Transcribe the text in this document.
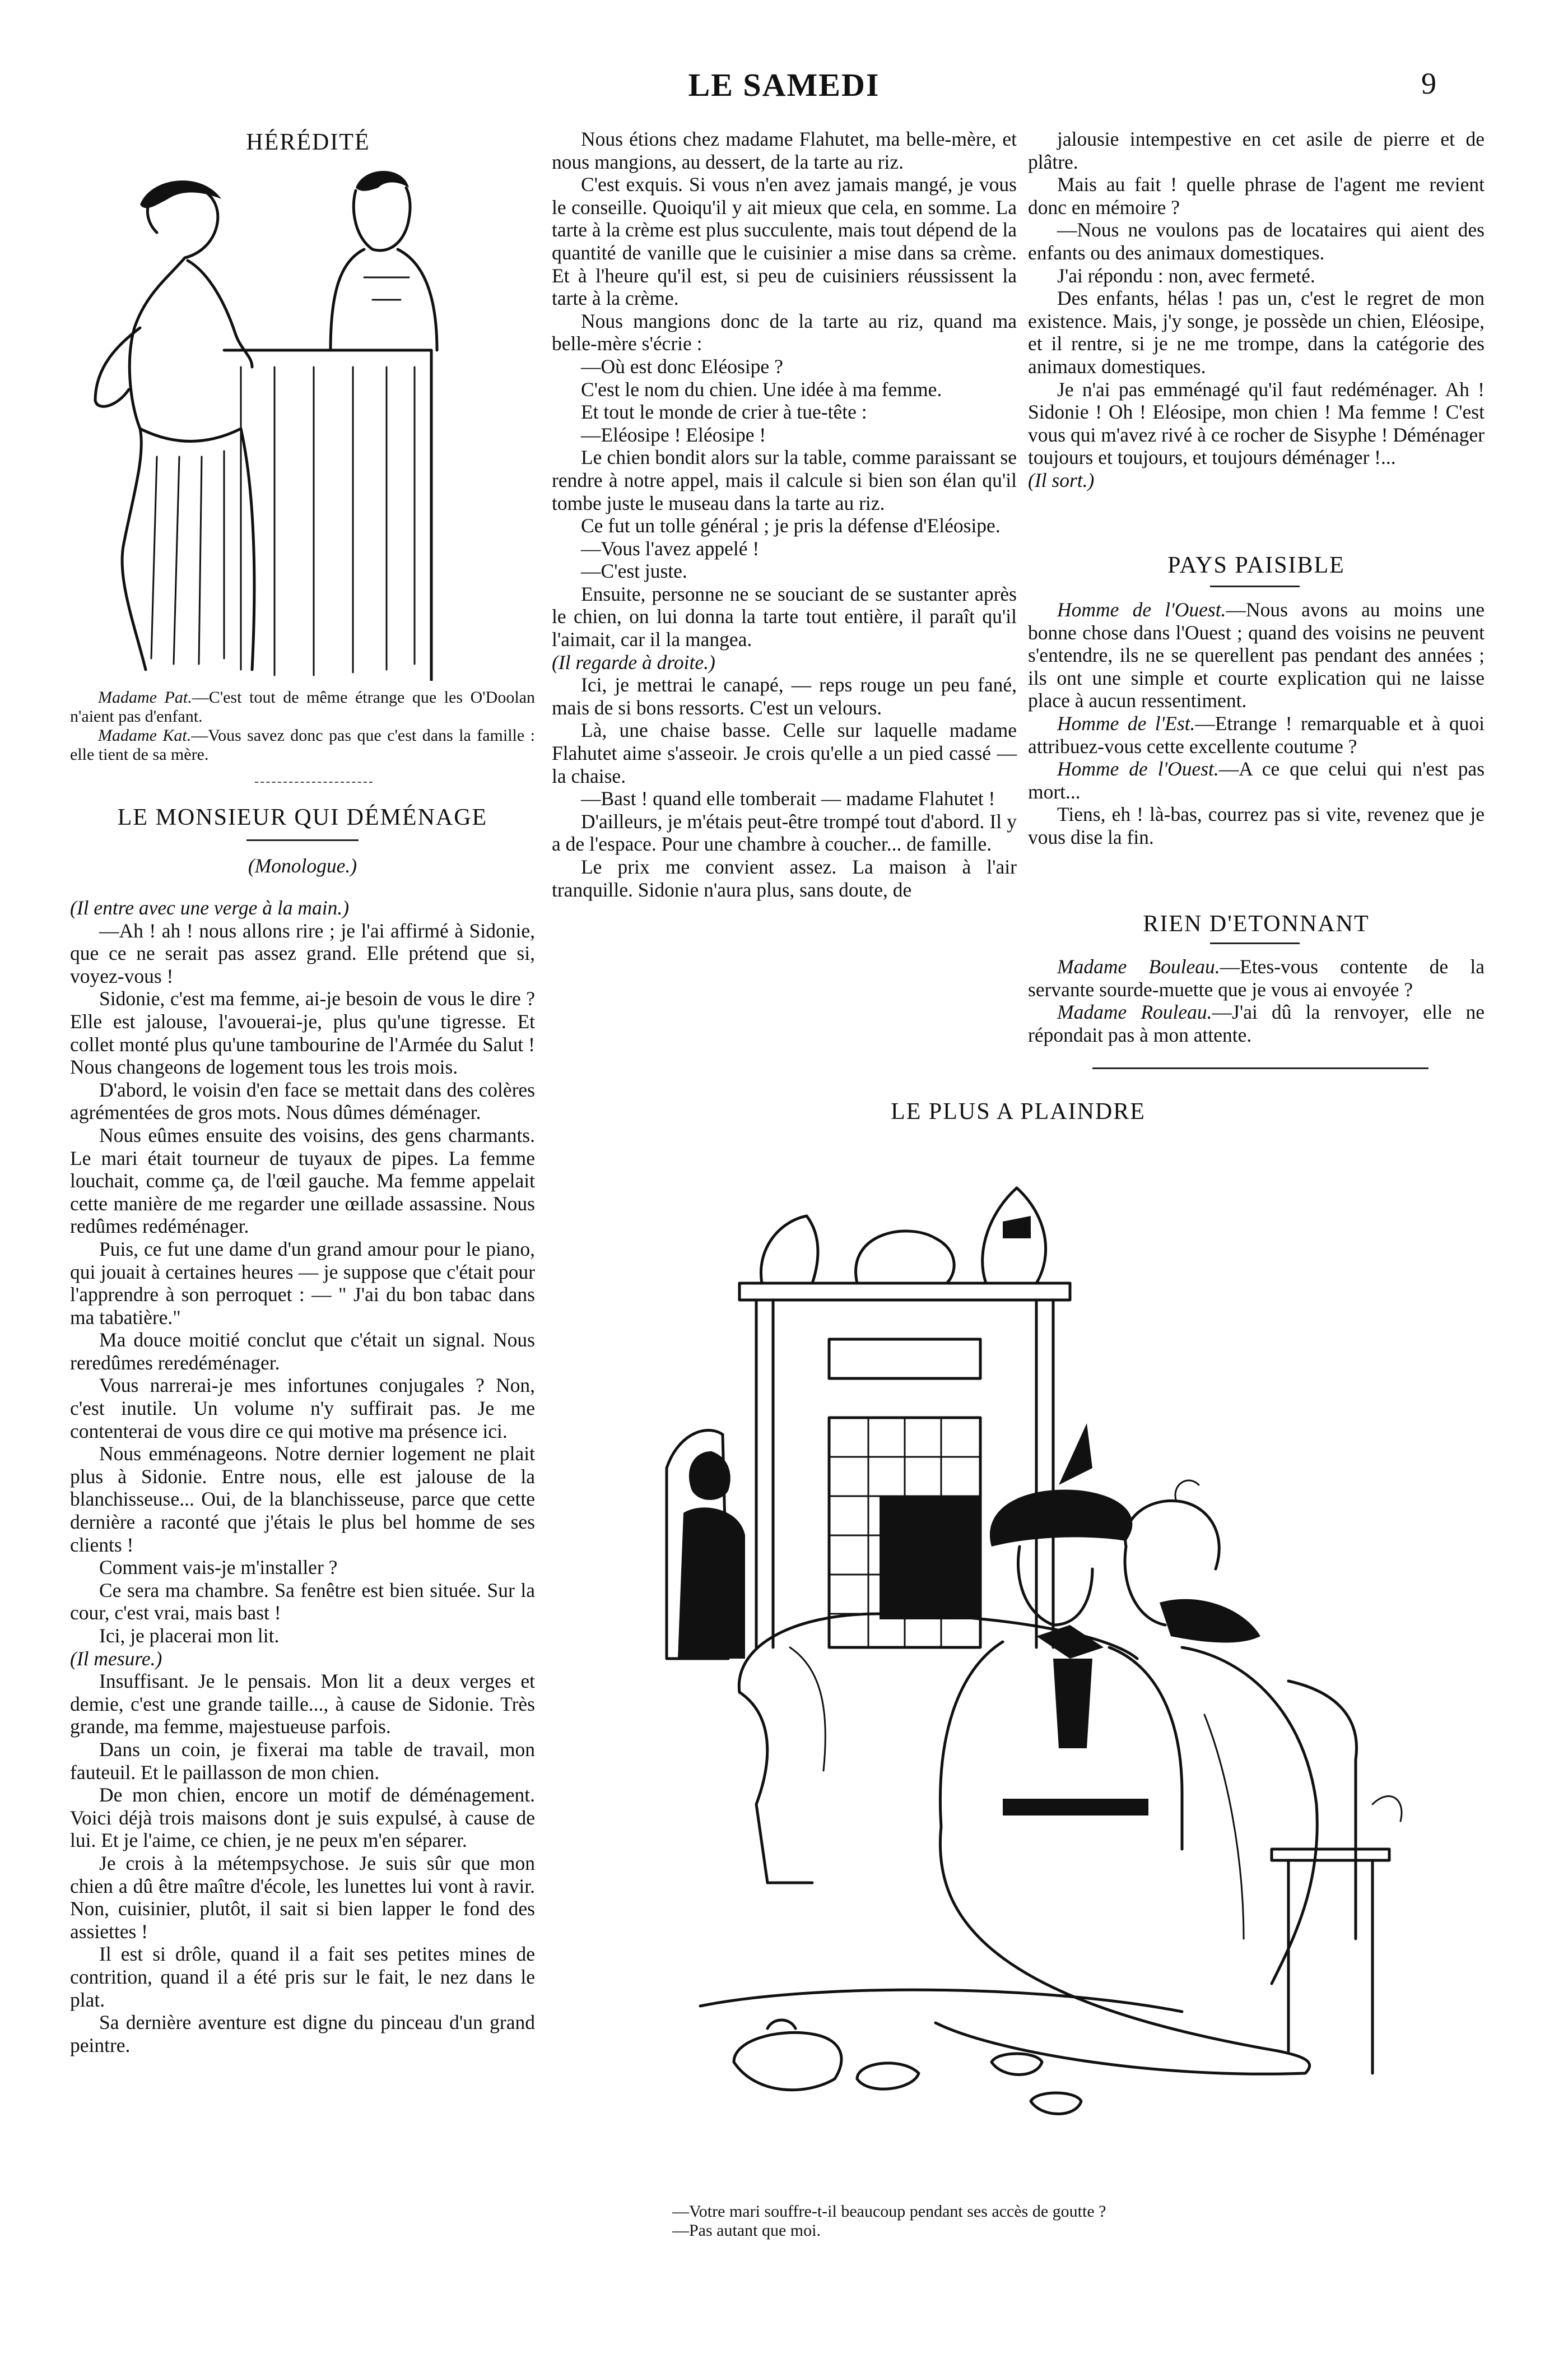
LE SAMEDI	9
HÉRÉDITÉ

Madame Pat.—C'est tout de même étrange que les O'Doolan n'aient pas d'enfant.

Madame Kat.—Vous savez donc pas que c'est dans la famille : elle tient de sa mère.

LE MONSIEUR QUI DÉMÉNAGE
(Monologue.)

(Il entre avec une verge à la main.)

—Ah ! ah ! nous allons rire ; je l'ai affirmé à Sidonie, que ce ne serait pas assez grand. Elle prétend que si, voyez-vous !

Sidonie, c'est ma femme, ai-je besoin de vous le dire ? Elle est jalouse, l'avouerai-je, plus qu'une tigresse. Et collet monté plus qu'une tambourine de l'Armée du Salut ! Nous changeons de logement tous les trois mois.

D'abord, le voisin d'en face se mettait dans des colères agrémentées de gros mots. Nous dûmes déménager.

Nous eûmes ensuite des voisins, des gens charmants. Le mari était tourneur de tuyaux de pipes. La femme louchait, comme ça, de l'œil gauche. Ma femme appelait cette manière de me regarder une œillade assassine. Nous redûmes redéménager.

Puis, ce fut une dame d'un grand amour pour le piano, qui jouait à certaines heures — je suppose que c'était pour l'apprendre à son perroquet : — " J'ai du bon tabac dans ma tabatière."

Ma douce moitié conclut que c'était un signal. Nous reredûmes reredéménager.

Vous narrerai-je mes infortunes conjugales ? Non, c'est inutile. Un volume n'y suffirait pas. Je me contenterai de vous dire ce qui motive ma présence ici.

Nous emménageons. Notre dernier logement ne plait plus à Sidonie. Entre nous, elle est jalouse de la blanchisseuse... Oui, de la blanchisseuse, parce que cette dernière a raconté que j'étais le plus bel homme de ses clients !

Comment vais-je m'installer ?

Ce sera ma chambre. Sa fenêtre est bien située. Sur la cour, c'est vrai, mais bast !

Ici, je placerai mon lit.

(Il mesure.)

Insuffisant. Je le pensais. Mon lit a deux verges et demie, c'est une grande taille..., à cause de Sidonie. Très grande, ma femme, majestueuse parfois.

Dans un coin, je fixerai ma table de travail, mon fauteuil. Et le paillasson de mon chien.

De mon chien, encore un motif de déménagement. Voici déjà trois maisons dont je suis expulsé, à cause de lui. Et je l'aime, ce chien, je ne peux m'en séparer.

Je crois à la métempsychose. Je suis sûr que mon chien a dû être maître d'école, les lunettes lui vont à ravir. Non, cuisinier, plutôt, il sait si bien lapper le fond des assiettes !

Il est si drôle, quand il a fait ses petites mines de contrition, quand il a été pris sur le fait, le nez dans le plat.

Sa dernière aventure est digne du pinceau d'un grand peintre.

Nous étions chez madame Flahutet, ma belle-mère, et nous mangions, au dessert, de la tarte au riz.

C'est exquis. Si vous n'en avez jamais mangé, je vous le conseille. Quoiqu'il y ait mieux que cela, en somme. La tarte à la crème est plus succulente, mais tout dépend de la quantité de vanille que le cuisinier a mise dans sa crème. Et à l'heure qu'il est, si peu de cuisiniers réussissent la tarte à la crème.

Nous mangions donc de la tarte au riz, quand ma belle-mère s'écrie :

—Où est donc Eléosipe ?

C'est le nom du chien. Une idée à ma femme.

Et tout le monde de crier à tue-tête :

—Eléosipe ! Eléosipe !

Le chien bondit alors sur la table, comme paraissant se rendre à notre appel, mais il calcule si bien son élan qu'il tombe juste le museau dans la tarte au riz.

Ce fut un tolle général ; je pris la défense d'Eléosipe.

—Vous l'avez appelé !

—C'est juste.

Ensuite, personne ne se souciant de se sustanter après le chien, on lui donna la tarte tout entière, il paraît qu'il l'aimait, car il la mangea.

(Il regarde à droite.)

Ici, je mettrai le canapé, — reps rouge un peu fané, mais de si bons ressorts. C'est un velours.

Là, une chaise basse. Celle sur laquelle madame Flahutet aime s'asseoir. Je crois qu'elle a un pied cassé — la chaise.

—Bast ! quand elle tomberait — madame Flahutet !

D'ailleurs, je m'étais peut-être trompé tout d'abord. Il y a de l'espace. Pour une chambre à coucher... de famille.

Le prix me convient assez. La maison à l'air tranquille. Sidonie n'aura plus, sans doute, de

jalousie intempestive en cet asile de pierre et de plâtre.

Mais au fait ! quelle phrase de l'agent me revient donc en mémoire ?

—Nous ne voulons pas de locataires qui aient des enfants ou des animaux domestiques.

J'ai répondu : non, avec fermeté.

Des enfants, hélas ! pas un, c'est le regret de mon existence. Mais, j'y songe, je possède un chien, Eléosipe, et il rentre, si je ne me trompe, dans la catégorie des animaux domestiques.

Je n'ai pas emménagé qu'il faut redéménager. Ah ! Sidonie ! Oh ! Eléosipe, mon chien ! Ma femme ! C'est vous qui m'avez rivé à ce rocher de Sisyphe ! Déménager toujours et toujours, et toujours déménager !...

(Il sort.)

PAYS PAISIBLE

Homme de l'Ouest.—Nous avons au moins une bonne chose dans l'Ouest ; quand des voisins ne peuvent s'entendre, ils ne se querellent pas pendant des années ; ils ont une simple et courte explication qui ne laisse place à aucun ressentiment.

Homme de l'Est.—Etrange ! remarquable et à quoi attribuez-vous cette excellente coutume ?

Homme de l'Ouest.—A ce que celui qui n'est pas mort...

Tiens, eh ! là-bas, courrez pas si vite, revenez que je vous dise la fin.

RIEN D'ETONNANT

Madame Bouleau.—Etes-vous contente de la servante sourde-muette que je vous ai envoyée ?

Madame Rouleau.—J'ai dû la renvoyer, elle ne répondait pas à mon attente.

LE PLUS A PLAINDRE

—Votre mari souffre-t-il beaucoup pendant ses accès de goutte ?

—Pas autant que moi.
